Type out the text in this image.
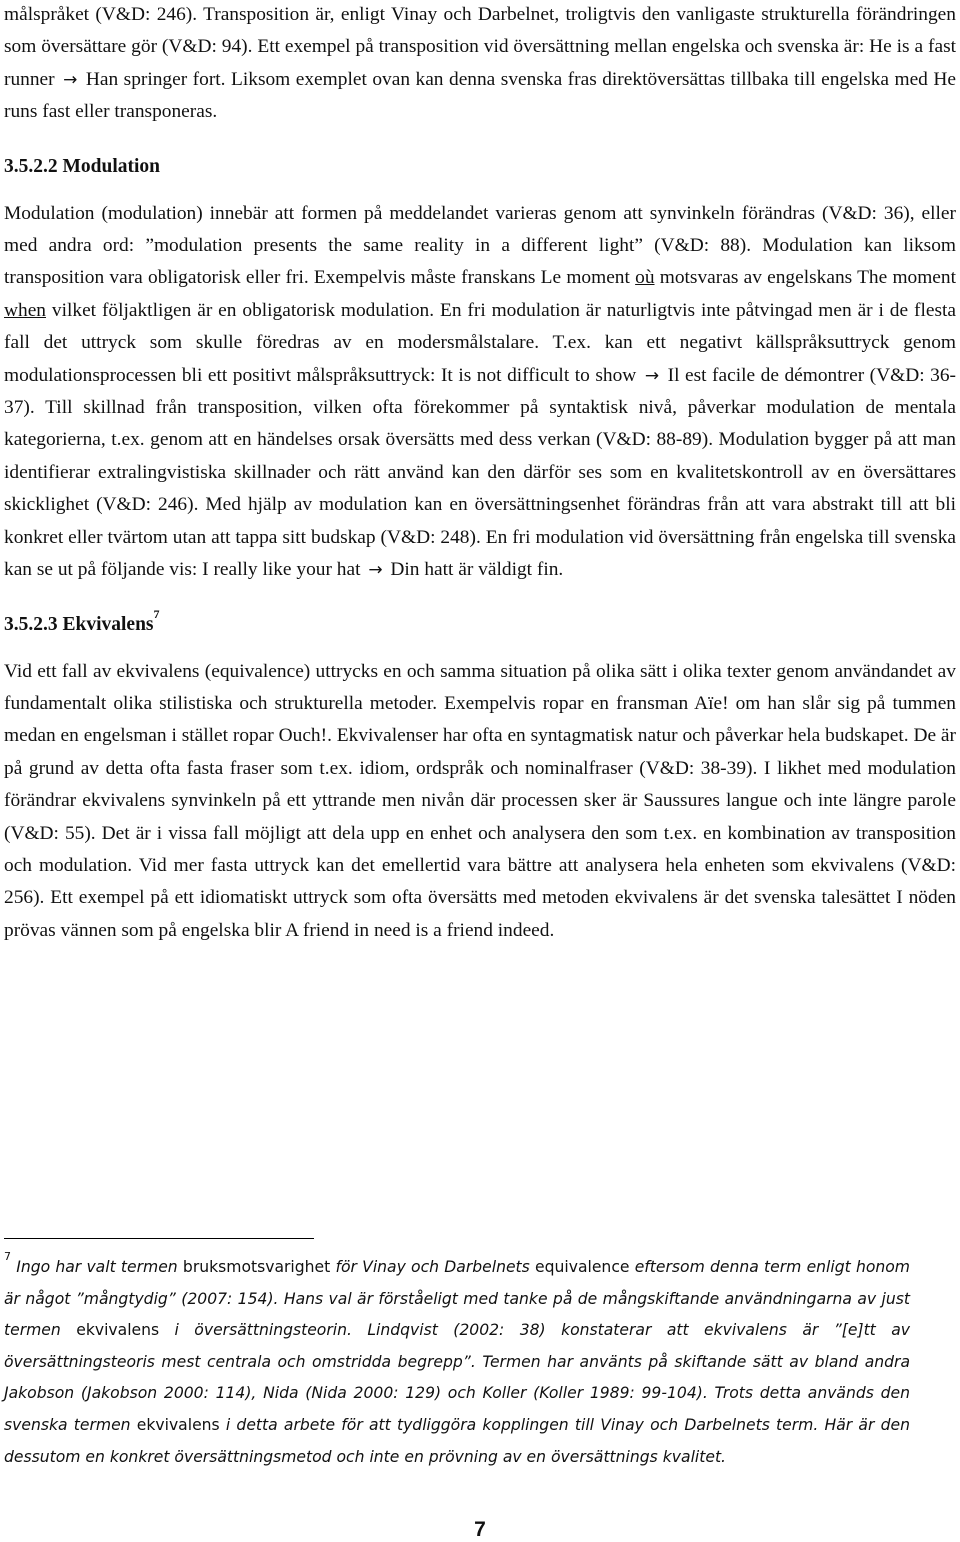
målspråket (V&D: 246). Transposition är, enligt Vinay och Darbelnet, troligtvis den vanligaste strukturella förändringen som översättare gör (V&D: 94). Ett exempel på transposition vid översättning mellan engelska och svenska är: He is a fast runner → Han springer fort. Liksom exemplet ovan kan denna svenska fras direktöversättas tillbaka till engelska med He runs fast eller transponeras.

3.5.2.2 Modulation

Modulation (modulation) innebär att formen på meddelandet varieras genom att synvinkeln förändras (V&D: 36), eller med andra ord: ”modulation presents the same reality in a different light” (V&D: 88). Modulation kan liksom transposition vara obligatorisk eller fri. Exempelvis måste franskans Le moment où motsvaras av engelskans The moment when vilket följaktligen är en obligatorisk modulation. En fri modulation är naturligtvis inte påtvingad men är i de flesta fall det uttryck som skulle föredras av en modersmålstalare. T.ex. kan ett negativt källspråksuttryck genom modulationsprocessen bli ett positivt målspråksuttryck: It is not difficult to show → Il est facile de démontrer (V&D: 36-37). Till skillnad från transposition, vilken ofta förekommer på syntaktisk nivå, påverkar modulation de mentala kategorierna, t.ex. genom att en händelses orsak översätts med dess verkan (V&D: 88-89). Modulation bygger på att man identifierar extralingvistiska skillnader och rätt använd kan den därför ses som en kvalitetskontroll av en översättares skicklighet (V&D: 246). Med hjälp av modulation kan en översättningsenhet förändras från att vara abstrakt till att bli konkret eller tvärtom utan att tappa sitt budskap (V&D: 248). En fri modulation vid översättning från engelska till svenska kan se ut på följande vis: I really like your hat → Din hatt är väldigt fin.

3.5.2.3 Ekvivalens$^7$

Vid ett fall av ekvivalens (equivalence) uttrycks en och samma situation på olika sätt i olika texter genom användandet av fundamentalt olika stilistiska och strukturella metoder. Exempelvis ropar en fransman Aïe! om han slår sig på tummen medan en engelsman i stället ropar Ouch!. Ekvivalenser har ofta en syntagmatisk natur och påverkar hela budskapet. De är på grund av detta ofta fasta fraser som t.ex. idiom, ordspråk och nominalfraser (V&D: 38-39). I likhet med modulation förändrar ekvivalens synvinkeln på ett yttrande men nivån där processen sker är Saussures langue och inte längre parole (V&D: 55). Det är i vissa fall möjligt att dela upp en enhet och analysera den som t.ex. en kombination av transposition och modulation. Vid mer fasta uttryck kan det emellertid vara bättre att analysera hela enheten som ekvivalens (V&D: 256). Ett exempel på ett idiomatiskt uttryck som ofta översätts med metoden ekvivalens är det svenska talesättet I nöden prövas vännen som på engelska blir A friend in need is a friend indeed.

$^7$ Ingo har valt termen bruksmotsvarighet för Vinay och Darbelnets equivalence eftersom denna term enligt honom är något ”mångtydig” (2007: 154). Hans val är förståeligt med tanke på de mångskiftande användningarna av just termen ekvivalens i översättningsteorin. Lindqvist (2002: 38) konstaterar att ekvivalens är ”[e]tt av översättningsteoris mest centrala och omstridda begrepp”. Termen har använts på skiftande sätt av bland andra Jakobson (Jakobson 2000: 114), Nida (Nida 2000: 129) och Koller (Koller 1989: 99-104). Trots detta används den svenska termen ekvivalens i detta arbete för att tydliggöra kopplingen till Vinay och Darbelnets term. Här är den dessutom en konkret översättningsmetod och inte en prövning av en översättnings kvalitet.
7
